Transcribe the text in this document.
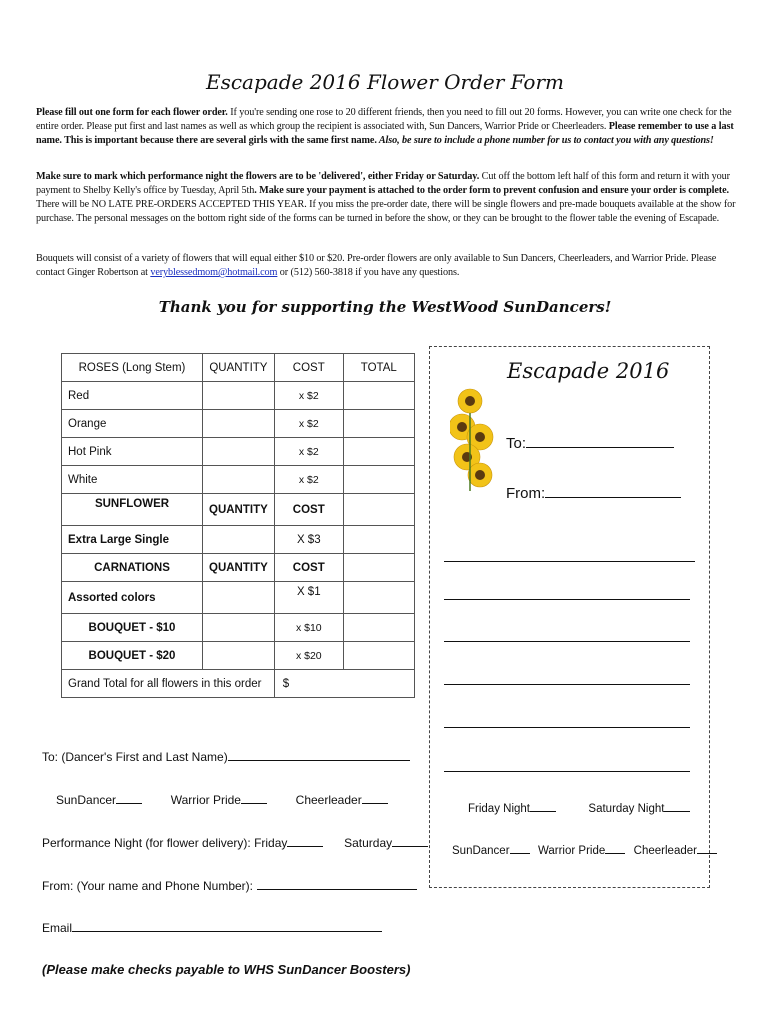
Escapade 2016 Flower Order Form
Please fill out one form for each flower order. If you're sending one rose to 20 different friends, then you need to fill out 20 forms. However, you can write one check for the entire order. Please put first and last names as well as which group the recipient is associated with, Sun Dancers, Warrior Pride or Cheerleaders. Please remember to use a last name. This is important because there are several girls with the same first name. Also, be sure to include a phone number for us to contact you with any questions!
Make sure to mark which performance night the flowers are to be 'delivered', either Friday or Saturday. Cut off the bottom left half of this form and return it with your payment to Shelby Kelly's office by Tuesday, April 5th. Make sure your payment is attached to the order form to prevent confusion and ensure your order is complete. There will be NO LATE PRE-ORDERS ACCEPTED THIS YEAR. If you miss the pre-order date, there will be single flowers and pre-made bouquets available at the show for purchase. The personal messages on the bottom right side of the forms can be turned in before the show, or they can be brought to the flower table the evening of Escapade.
Bouquets will consist of a variety of flowers that will equal either $10 or $20. Pre-order flowers are only available to Sun Dancers, Cheerleaders, and Warrior Pride. Please contact Ginger Robertson at veryblessedmom@hotmail.com or (512) 560-3818 if you have any questions.
Thank you for supporting the WestWood SunDancers!
ROSES (Long Stem)	QUANTITY	COST	TOTAL
Red		x $2	
Orange		x $2	
Hot Pink		x $2	
White		x $2	
SUNFLOWER	QUANTITY	COST	
Extra Large Single		X $3	
CARNATIONS	QUANTITY	COST	
Assorted colors		X $1	
BOUQUET - $10		x $10	
BOUQUET - $20		x $20	
Grand Total for all flowers in this order		$	
To: (Dancer's First and Last Name)
SunDancer	Warrior Pride	Cheerleader
Performance Night (for flower delivery): Friday	Saturday
From: (Your name and Phone Number):
Email
(Please make checks payable to WHS SunDancer Boosters)
Escapade 2016
To:
From:
Friday Night	Saturday Night
SunDancer Warrior Pride Cheerleader
